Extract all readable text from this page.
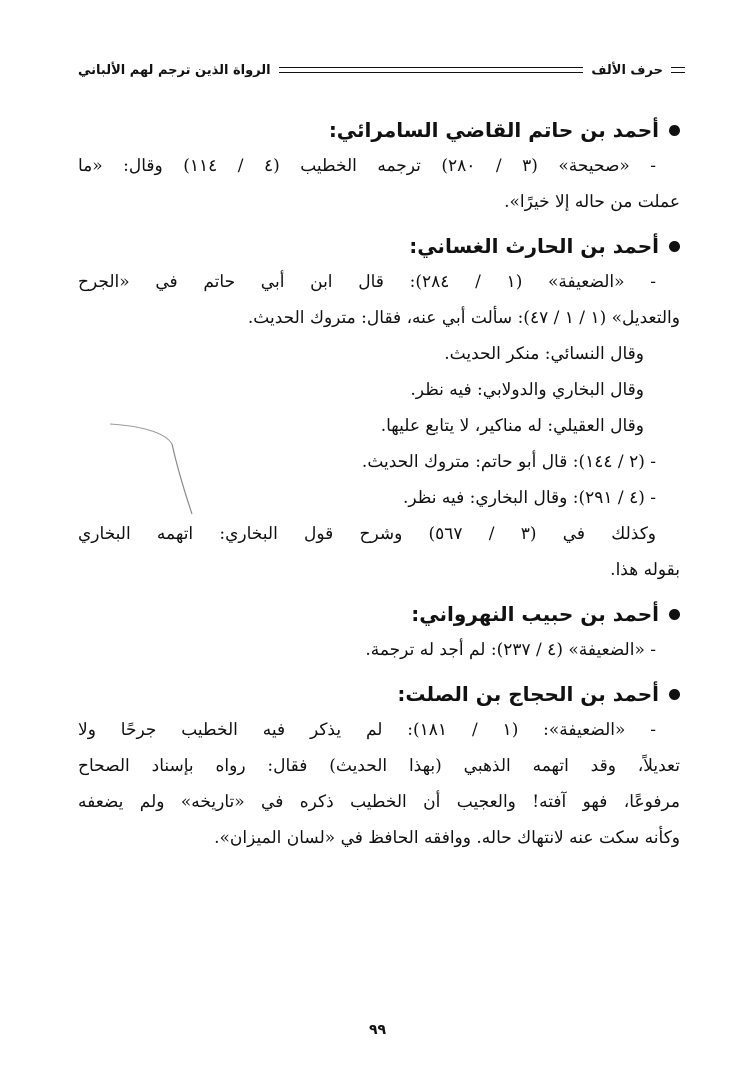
حرف الألف
الرواة الذين ترجم لهم الألباني

أحمد بن حاتم القاضي السامرائي:

- «صحيحة» (٣ / ٢٨٠) ترجمه الخطيب (٤ / ١١٤) وقال: «ما

عملت من حاله إلا خيرًا».

أحمد بن الحارث الغساني:

- «الضعيفة» (١ / ٢٨٤): قال ابن أبي حاتم في «الجرح

والتعديل» (١ / ١ / ٤٧): سألت أبي عنه، فقال: متروك الحديث.

وقال النسائي: منكر الحديث.

وقال البخاري والدولابي: فيه نظر.

وقال العقيلي: له مناكير، لا يتابع عليها.

- (٢ / ١٤٤): قال أبو حاتم: متروك الحديث.

- (٤ / ٢٩١): وقال البخاري: فيه نظر.

وكذلك في (٣ / ٥٦٧) وشرح قول البخاري: اتهمه البخاري

بقوله هذا.

أحمد بن حبيب النهرواني:

- «الضعيفة» (٤ / ٢٣٧): لم أجد له ترجمة.

أحمد بن الحجاج بن الصلت:

- «الضعيفة»: (١ / ١٨١): لم يذكر فيه الخطيب جرحًا ولا

تعديلاً، وقد اتهمه الذهبي (بهذا الحديث) فقال: رواه بإسناد الصحاح

مرفوعًا، فهو آفته! والعجيب أن الخطيب ذكره في «تاريخه» ولم يضعفه

وكأنه سكت عنه لانتهاك حاله. ووافقه الحافظ في «لسان الميزان».

٩٩
